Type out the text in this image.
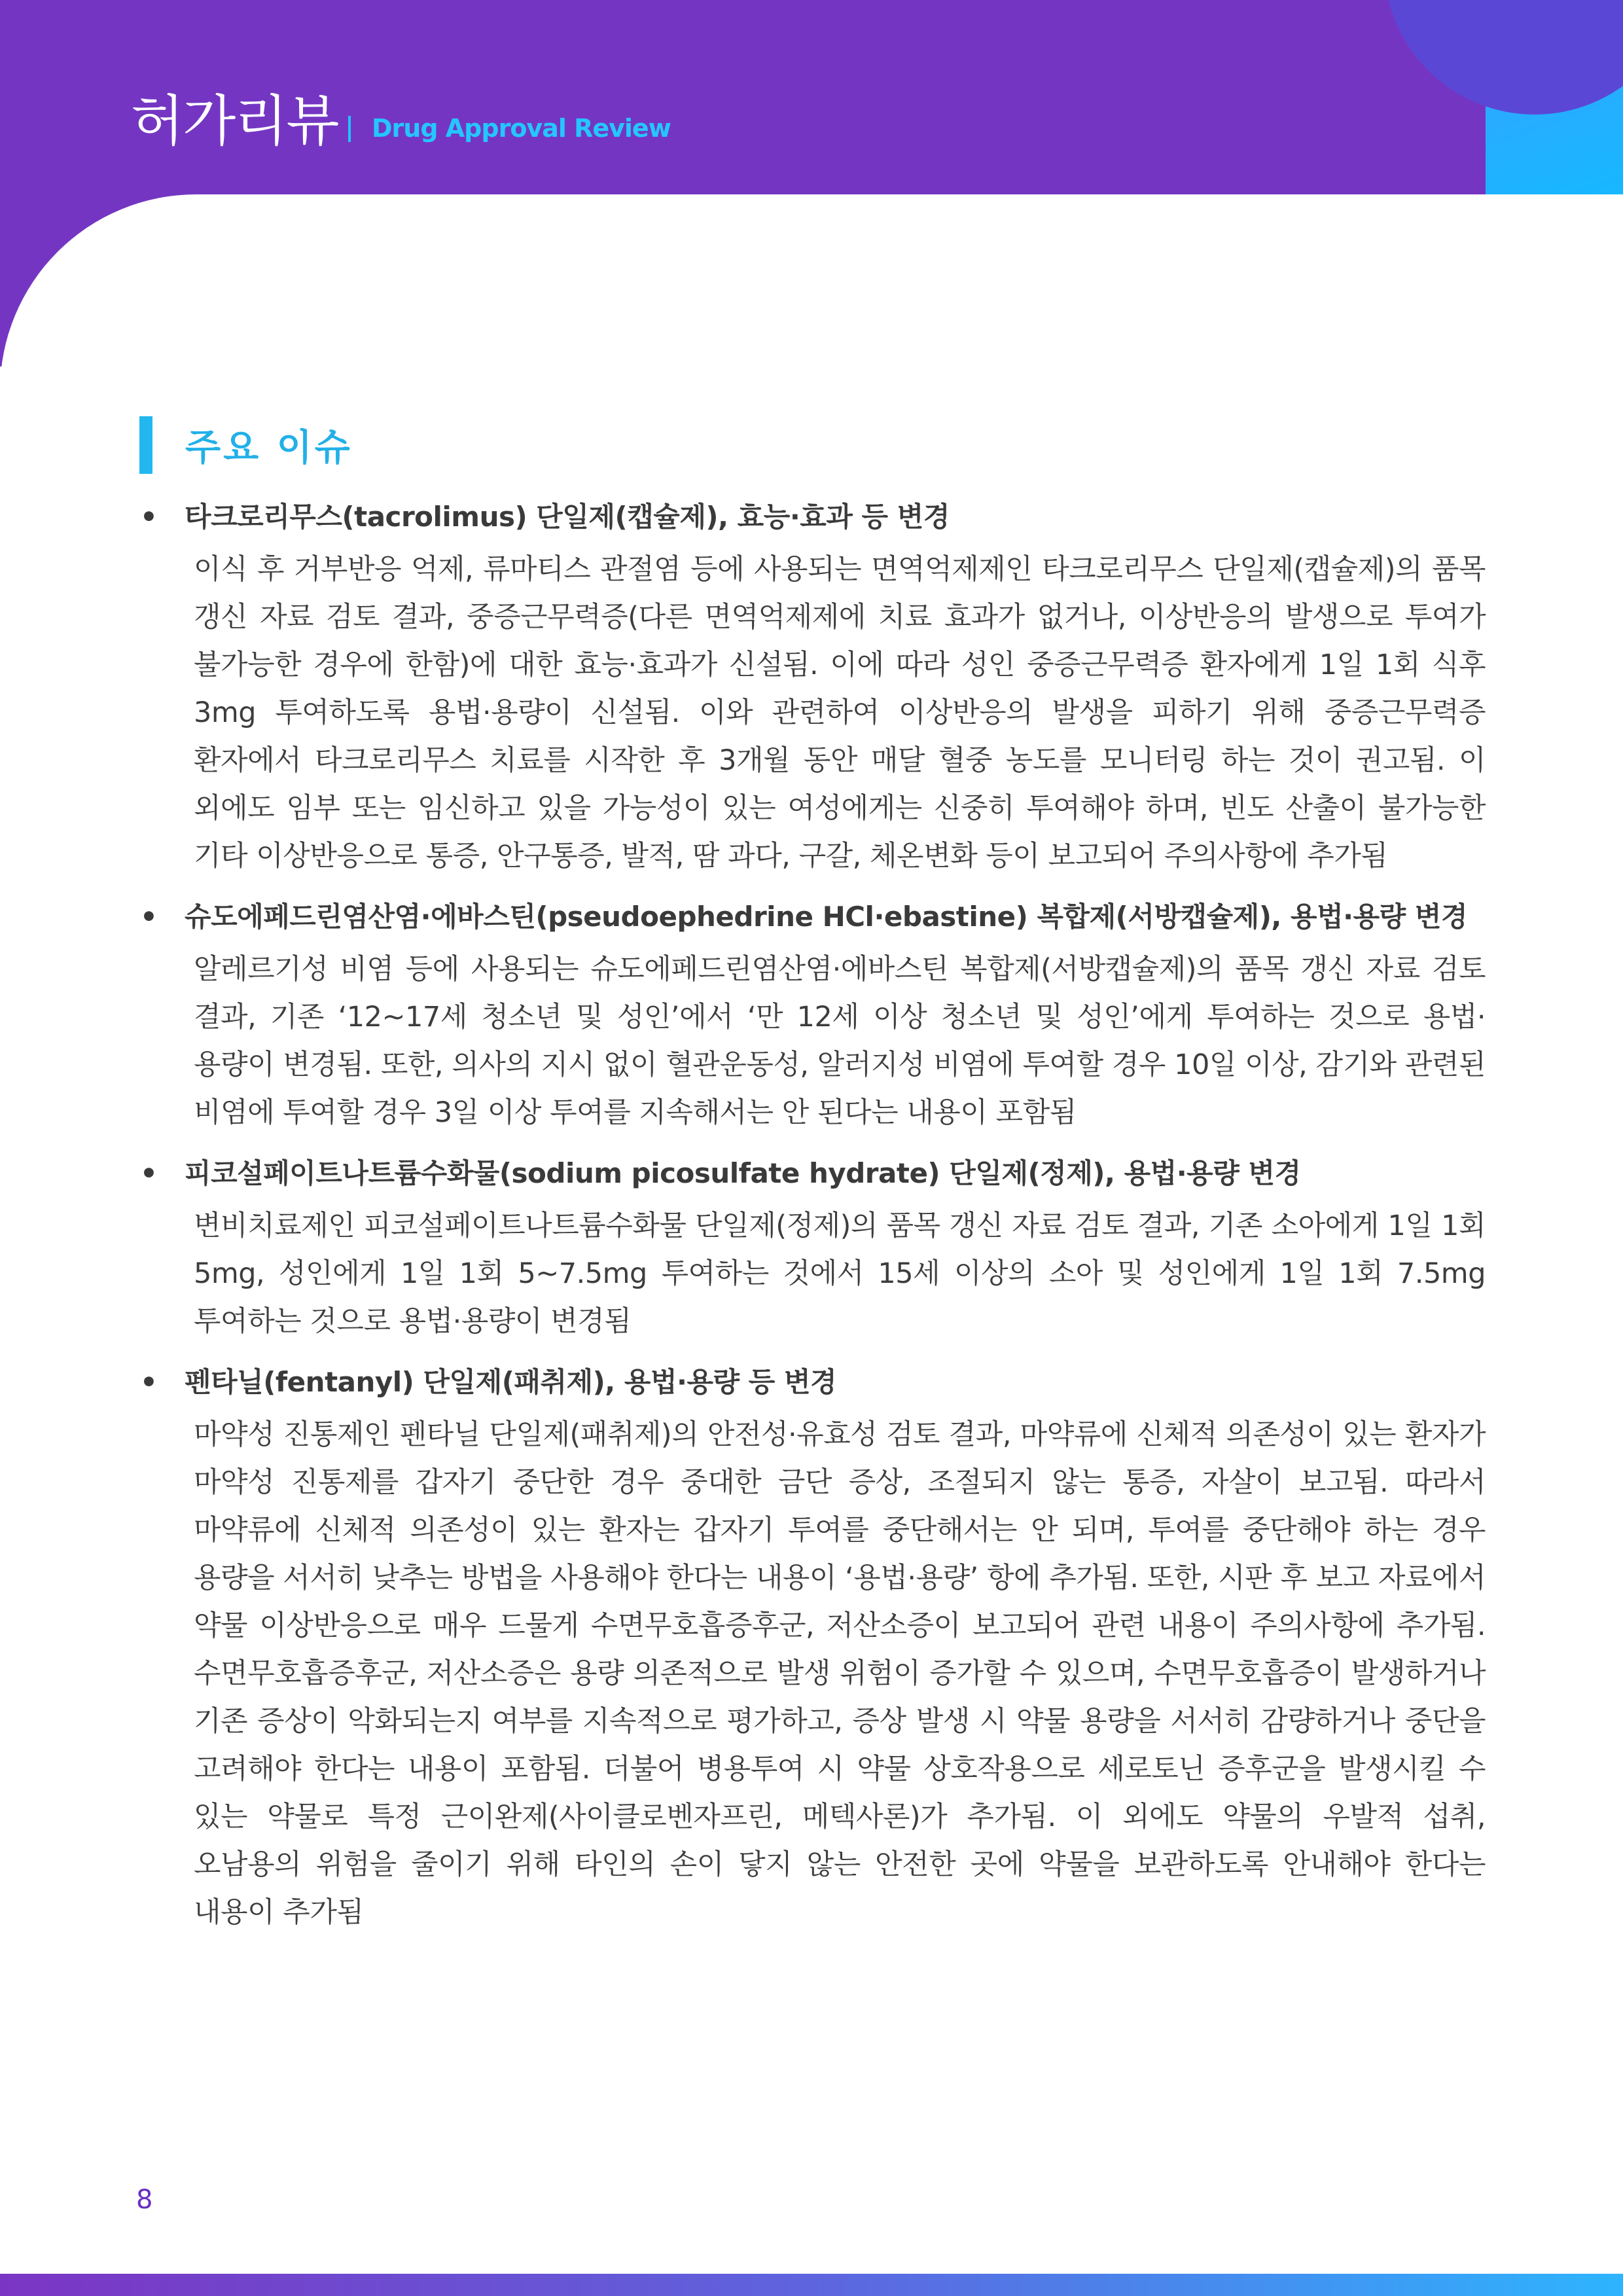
허가리뷰 Drug Approval Review
주요 이슈
• 타크로리무스(tacrolimus) 단일제(캡슐제), 효능·효과 등 변경
이식 후 거부반응 억제, 류마티스 관절염 등에 사용되는 면역억제제인 타크로리무스 단일제(캡슐제)의 품목 갱신 자료 검토 결과, 중증근무력증(다른 면역억제제에 치료 효과가 없거나, 이상반응의 발생으로 투여가 불가능한 경우에 한함)에 대한 효능·효과가 신설됨. 이에 따라 성인 중증근무력증 환자에게 1일 1회 식후 3mg 투여하도록 용법·용량이 신설됨. 이와 관련하여 이상반응의 발생을 피하기 위해 중증근무력증 환자에서 타크로리무스 치료를 시작한 후 3개월 동안 매달 혈중 농도를 모니터링 하는 것이 권고됨. 이 외에도 임부 또는 임신하고 있을 가능성이 있는 여성에게는 신중히 투여해야 하며, 빈도 산출이 불가능한 기타 이상반응으로 통증, 안구통증, 발적, 땀 과다, 구갈, 체온변화 등이 보고되어 주의사항에 추가됨
• 슈도에페드린염산염·에바스틴(pseudoephedrine HCl·ebastine) 복합제(서방캡슐제), 용법·용량 변경
알레르기성 비염 등에 사용되는 슈도에페드린염산염·에바스틴 복합제(서방캡슐제)의 품목 갱신 자료 검토 결과, 기존 ‘12~17세 청소년 및 성인’에서 ‘만 12세 이상 청소년 및 성인’에게 투여하는 것으로 용법·용량이 변경됨. 또한, 의사의 지시 없이 혈관운동성, 알러지성 비염에 투여할 경우 10일 이상, 감기와 관련된 비염에 투여할 경우 3일 이상 투여를 지속해서는 안 된다는 내용이 포함됨
• 피코설페이트나트륨수화물(sodium picosulfate hydrate) 단일제(정제), 용법·용량 변경
변비치료제인 피코설페이트나트륨수화물 단일제(정제)의 품목 갱신 자료 검토 결과, 기존 소아에게 1일 1회 5mg, 성인에게 1일 1회 5~7.5mg 투여하는 것에서 15세 이상의 소아 및 성인에게 1일 1회 7.5mg 투여하는 것으로 용법·용량이 변경됨
• 펜타닐(fentanyl) 단일제(패취제), 용법·용량 등 변경
마약성 진통제인 펜타닐 단일제(패취제)의 안전성·유효성 검토 결과, 마약류에 신체적 의존성이 있는 환자가 마약성 진통제를 갑자기 중단한 경우 중대한 금단 증상, 조절되지 않는 통증, 자살이 보고됨. 따라서 마약류에 신체적 의존성이 있는 환자는 갑자기 투여를 중단해서는 안 되며, 투여를 중단해야 하는 경우 용량을 서서히 낮추는 방법을 사용해야 한다는 내용이 ‘용법·용량’ 항에 추가됨. 또한, 시판 후 보고 자료에서 약물 이상반응으로 매우 드물게 수면무호흡증후군, 저산소증이 보고되어 관련 내용이 주의사항에 추가됨. 수면무호흡증후군, 저산소증은 용량 의존적으로 발생 위험이 증가할 수 있으며, 수면무호흡증이 발생하거나 기존 증상이 악화되는지 여부를 지속적으로 평가하고, 증상 발생 시 약물 용량을 서서히 감량하거나 중단을 고려해야 한다는 내용이 포함됨. 더불어 병용투여 시 약물 상호작용으로 세로토닌 증후군을 발생시킬 수 있는 약물로 특정 근이완제(사이클로벤자프린, 메텍사론)가 추가됨. 이 외에도 약물의 우발적 섭취, 오남용의 위험을 줄이기 위해 타인의 손이 닿지 않는 안전한 곳에 약물을 보관하도록 안내해야 한다는 내용이 추가됨
8
